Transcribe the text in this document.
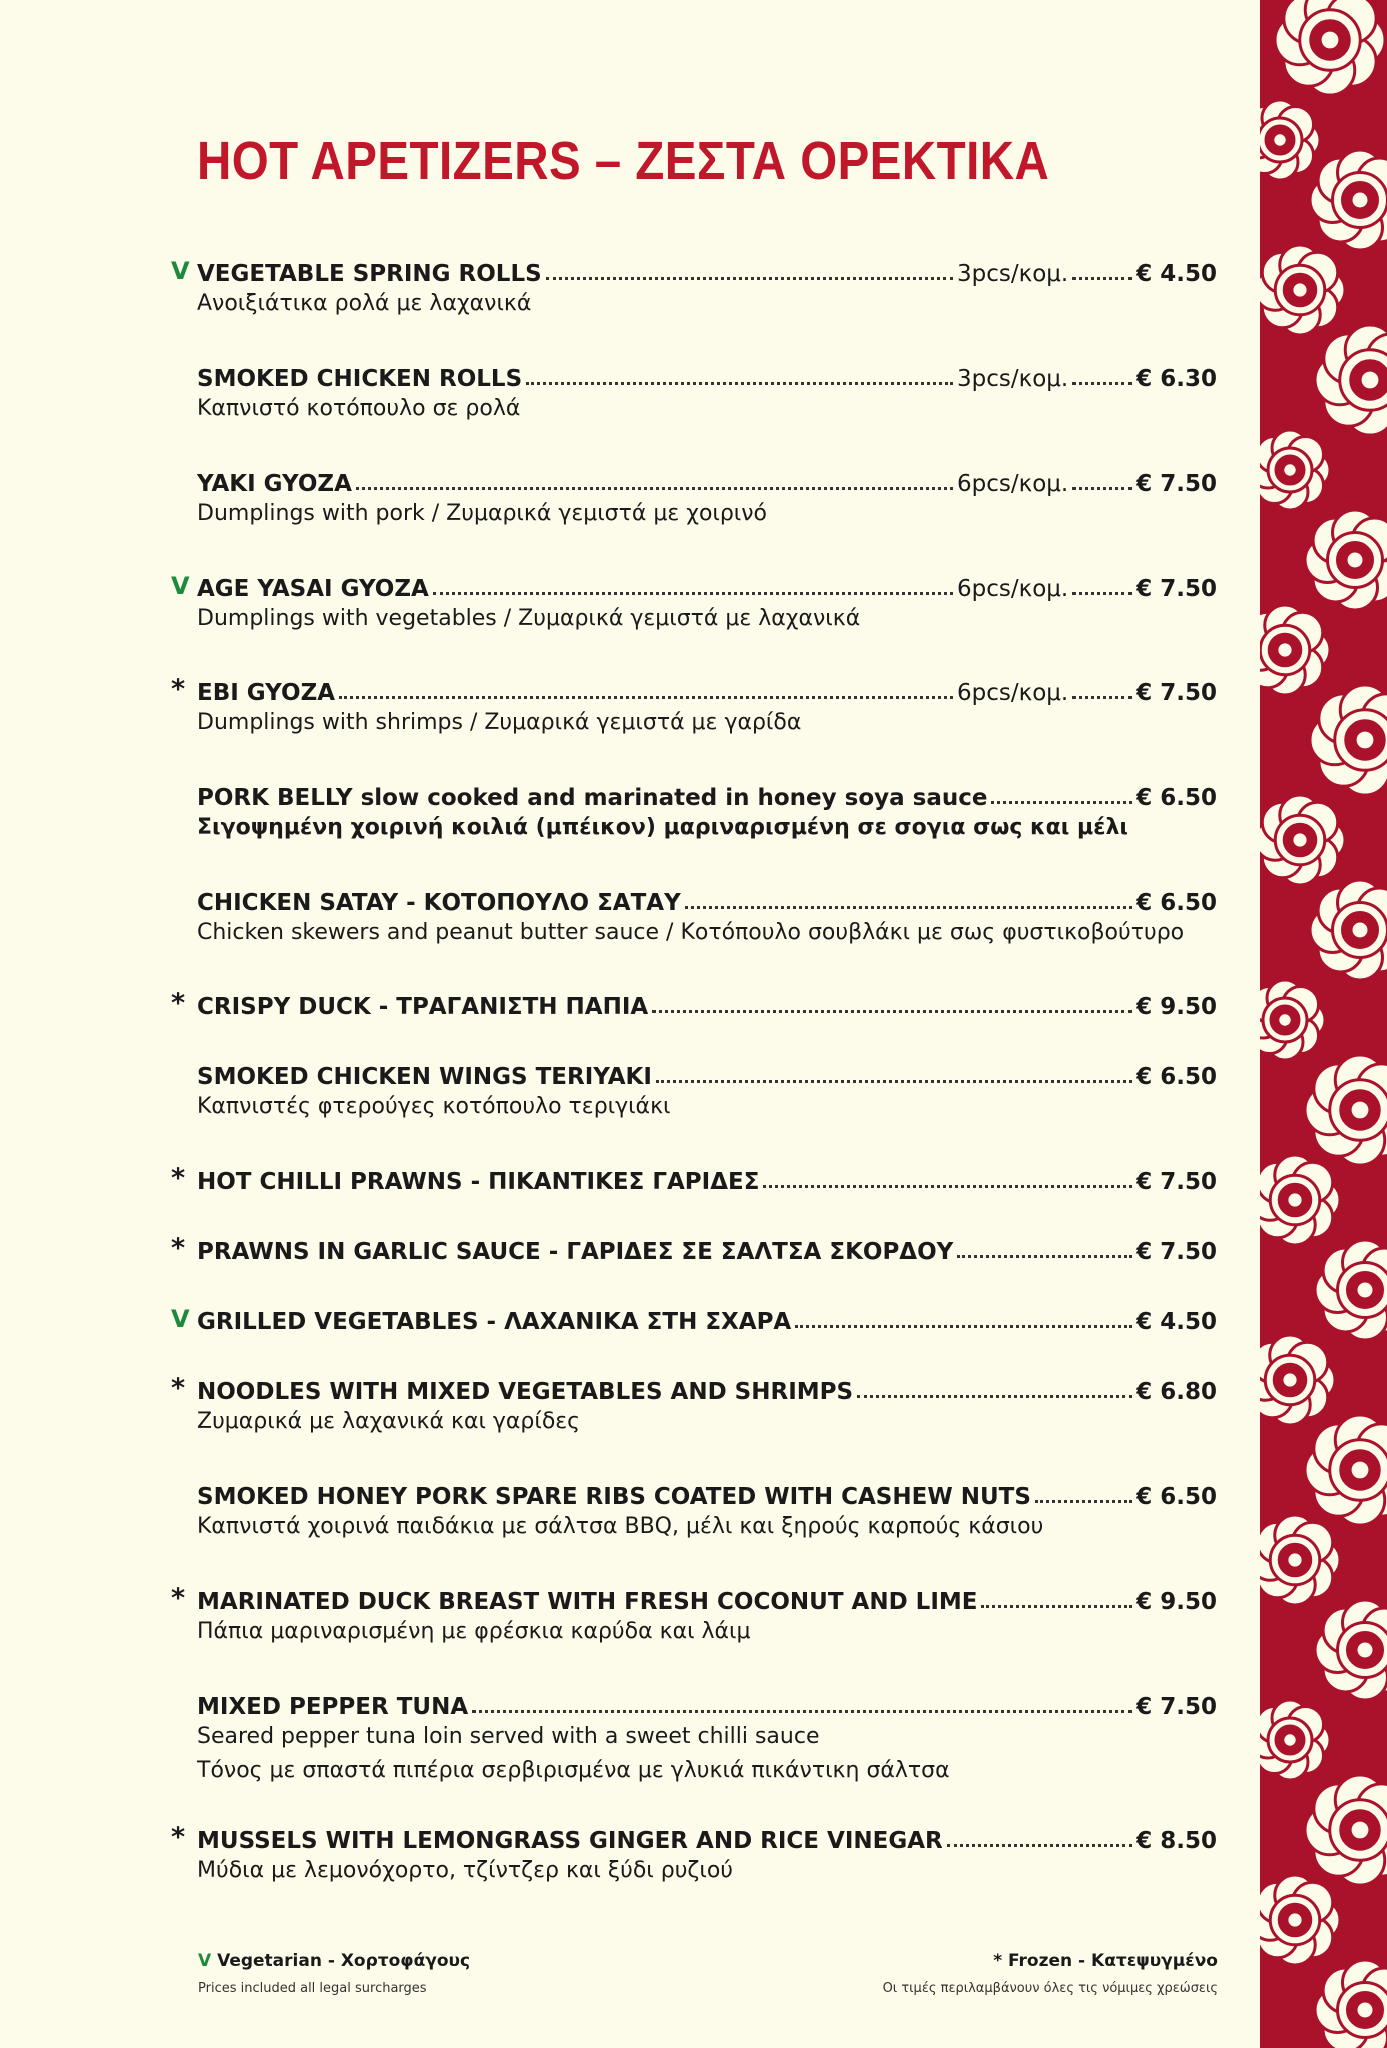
HOT APETIZERS – ΖΕΣΤΑ ΟΡΕΚΤΙΚΑ
V VEGETABLE SPRING ROLLS	3pcs/κομ.	€ 4.50
Ανοιξιάτικα ρολά με λαχανικά
SMOKED CHICKEN ROLLS	3pcs/κομ.	€ 6.30
Καπνιστό κοτόπουλο σε ρολά
YAKI GYOZA	6pcs/κομ.	€ 7.50
Dumplings with pork / Ζυμαρικά γεμιστά με χοιρινό
V AGE YASAI GYOZA	6pcs/κομ.	€ 7.50
Dumplings with vegetables / Ζυμαρικά γεμιστά με λαχανικά
* EBI GYOZA	6pcs/κομ.	€ 7.50
Dumplings with shrimps / Ζυμαρικά γεμιστά με γαρίδα
PORK BELLY slow cooked and marinated in honey soya sauce	€ 6.50
Σιγοψημένη χοιρινή κοιλιά (μπέικον) μαριναρισμένη σε σογια σως και μέλι
CHICKEN SATAY - ΚΟΤΟΠΟΥΛΟ ΣΑΤΑΥ	€ 6.50
Chicken skewers and peanut butter sauce / Κοτόπουλο σουβλάκι με σως φυστικοβούτυρο
* CRISPY DUCK - ΤΡΑΓΑΝΙΣΤΗ ΠΑΠΙΑ	€ 9.50
SMOKED CHICKEN WINGS TERIYAKI	€ 6.50
Καπνιστές φτερούγες κοτόπουλο τεριγιάκι
* HOT CHILLI PRAWNS - ΠΙΚΑΝΤΙΚΕΣ ΓΑΡΙΔΕΣ	€ 7.50
* PRAWNS IN GARLIC SAUCE - ΓΑΡΙΔΕΣ ΣΕ ΣΑΛΤΣΑ ΣΚΟΡΔΟΥ	€ 7.50
V GRILLED VEGETABLES - ΛΑΧΑΝΙΚΑ ΣΤΗ ΣΧΑΡΑ	€ 4.50
* NOODLES WITH MIXED VEGETABLES AND SHRIMPS	€ 6.80
Ζυμαρικά με λαχανικά και γαρίδες
SMOKED HONEY PORK SPARE RIBS COATED WITH CASHEW NUTS	€ 6.50
Καπνιστά χοιρινά παιδάκια με σάλτσα BBQ, μέλι και ξηρούς καρπούς κάσιου
* MARINATED DUCK BREAST WITH FRESH COCONUT AND LIME	€ 9.50
Πάπια μαριναρισμένη με φρέσκια καρύδα και λάιμ
MIXED PEPPER TUNA	€ 7.50
Seared pepper tuna loin served with a sweet chilli sauce
Τόνος με σπαστά πιπέρια σερβιρισμένα με γλυκιά πικάντικη σάλτσα
* MUSSELS WITH LEMONGRASS GINGER AND RICE VINEGAR	€ 8.50
Μύδια με λεμονόχορτο, τζίντζερ και ξύδι ρυζιού
V Vegetarian - Χορτοφάγους
Prices included all legal surcharges
* Frozen - Κατεψυγμένο
Οι τιμές περιλαμβάνουν όλες τις νόμιμες χρεώσεις
